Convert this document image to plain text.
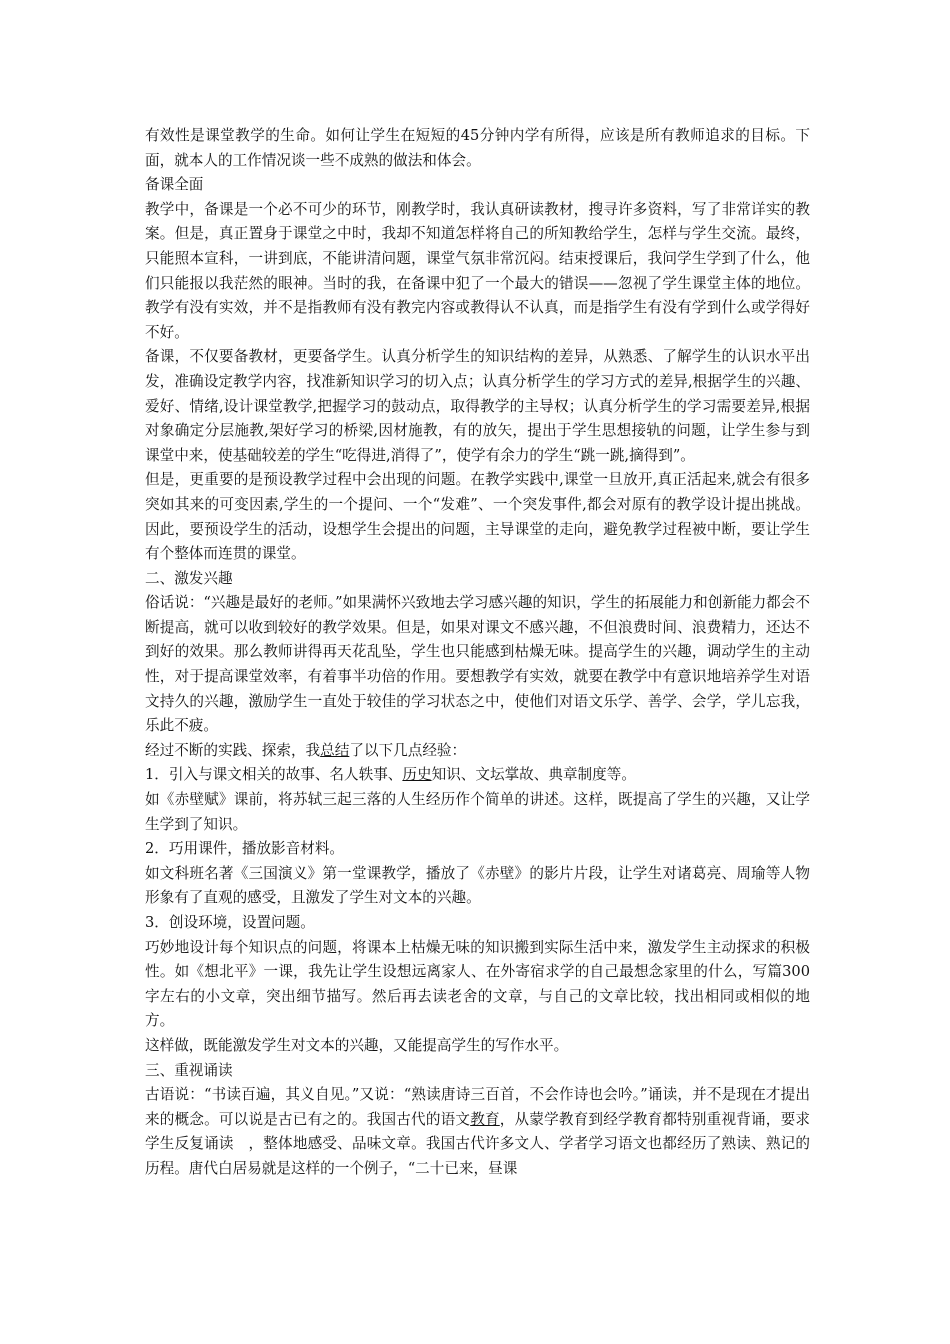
有效性是课堂教学的生命。如何让学生在短短的45分钟内学有所得，应该是所有教师追求的目标。下面，就本人的工作情况谈一些不成熟的做法和体会。

备课全面

教学中，备课是一个必不可少的环节，刚教学时，我认真研读教材，搜寻许多资料，写了非常详实的教案。但是，真正置身于课堂之中时，我却不知道怎样将自己的所知教给学生，怎样与学生交流。最终，只能照本宣科，一讲到底，不能讲清问题，课堂气氛非常沉闷。结束授课后，我问学生学到了什么，他们只能报以我茫然的眼神。当时的我，在备课中犯了一个最大的错误——忽视了学生课堂主体的地位。教学有没有实效，并不是指教师有没有教完内容或教得认不认真，而是指学生有没有学到什么或学得好不好。

备课，不仅要备教材，更要备学生。认真分析学生的知识结构的差异，从熟悉、了解学生的认识水平出发，准确设定教学内容，找准新知识学习的切入点；认真分析学生的学习方式的差异,根据学生的兴趣、爱好、情绪,设计课堂教学,把握学习的鼓动点，取得教学的主导权；认真分析学生的学习需要差异,根据对象确定分层施教,架好学习的桥梁,因材施教，有的放矢，提出于学生思想接轨的问题，让学生参与到课堂中来，使基础较差的学生“吃得进,消得了”，使学有余力的学生“跳一跳,摘得到”。

但是，更重要的是预设教学过程中会出现的问题。在教学实践中,课堂一旦放开,真正活起来,就会有很多突如其来的可变因素,学生的一个提问、一个“发难”、一个突发事件,都会对原有的教学设计提出挑战。因此，要预设学生的活动，设想学生会提出的问题，主导课堂的走向，避免教学过程被中断，要让学生有个整体而连贯的课堂。

二、激发兴趣

俗话说：“兴趣是最好的老师。”如果满怀兴致地去学习感兴趣的知识，学生的拓展能力和创新能力都会不断提高，就可以收到较好的教学效果。但是，如果对课文不感兴趣，不但浪费时间、浪费精力，还达不到好的效果。那么教师讲得再天花乱坠，学生也只能感到枯燥无味。提高学生的兴趣，调动学生的主动性，对于提高课堂效率，有着事半功倍的作用。要想教学有实效，就要在教学中有意识地培养学生对语文持久的兴趣，激励学生一直处于较佳的学习状态之中，使他们对语文乐学、善学、会学，学儿忘我，乐此不疲。

经过不断的实践、探索，我总结了以下几点经验：

1．引入与课文相关的故事、名人轶事、历史知识、文坛掌故、典章制度等。

如《赤壁赋》课前，将苏轼三起三落的人生经历作个简单的讲述。这样，既提高了学生的兴趣，又让学生学到了知识。

2．巧用课件，播放影音材料。

如文科班名著《三国演义》第一堂课教学，播放了《赤壁》的影片片段，让学生对诸葛亮、周瑜等人物形象有了直观的感受，且激发了学生对文本的兴趣。

3．创设环境，设置问题。

巧妙地设计每个知识点的问题，将课本上枯燥无味的知识搬到实际生活中来，激发学生主动探求的积极性。如《想北平》一课，我先让学生设想远离家人、在外寄宿求学的自己最想念家里的什么，写篇300字左右的小文章，突出细节描写。然后再去读老舍的文章，与自己的文章比较，找出相同或相似的地方。

这样做，既能激发学生对文本的兴趣，又能提高学生的写作水平。

三、重视诵读

古语说：“书读百遍，其义自见。”又说：“熟读唐诗三百首，不会作诗也会吟。”诵读，并不是现在才提出来的概念。可以说是古已有之的。我国古代的语文教育，从蒙学教育到经学教育都特别重视背诵，要求学生反复诵读　，整体地感受、品味文章。我国古代许多文人、学者学习语文也都经历了熟读、熟记的历程。唐代白居易就是这样的一个例子，“二十已来，昼课
